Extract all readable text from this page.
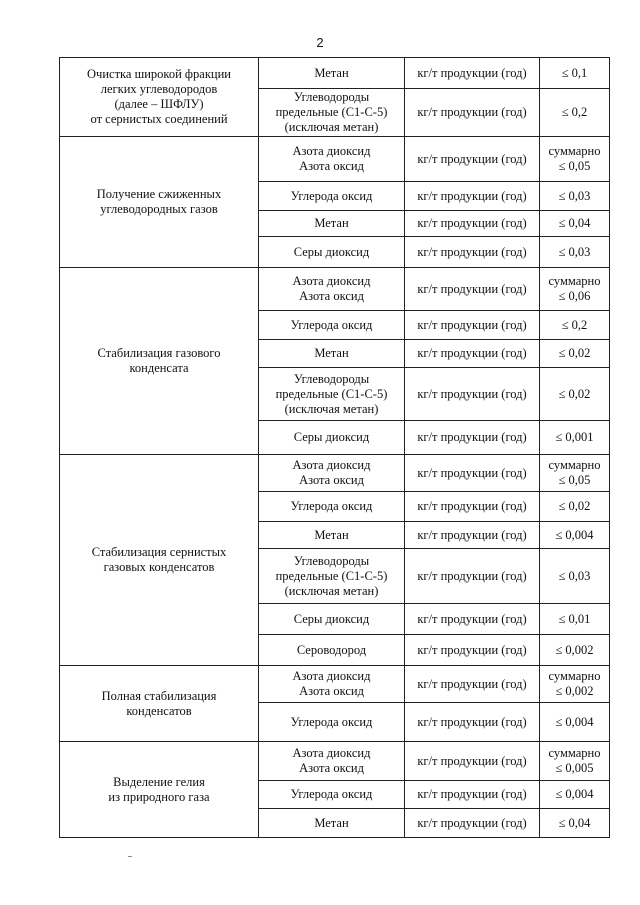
2
Очистка широкой фракции
легких углеводородов
(далее – ШФЛУ)
от сернистых соединений	Метан	кг/т продукции (год)	≤ 0,1
	Углеводороды
предельные (С1-С-5)
(исключая метан)	кг/т продукции (год)	≤ 0,2
Получение сжиженных
углеводородных газов	Азота диоксид
Азота оксид	кг/т продукции (год)	суммарно
≤ 0,05
	Углерода оксид	кг/т продукции (год)	≤ 0,03
	Метан	кг/т продукции (год)	≤ 0,04
	Серы диоксид	кг/т продукции (год)	≤ 0,03
Стабилизация газового
конденсата	Азота диоксид
Азота оксид	кг/т продукции (год)	суммарно
≤ 0,06
	Углерода оксид	кг/т продукции (год)	≤ 0,2
	Метан	кг/т продукции (год)	≤ 0,02
	Углеводороды
предельные (С1-С-5)
(исключая метан)	кг/т продукции (год)	≤ 0,02
	Серы диоксид	кг/т продукции (год)	≤ 0,001
Стабилизация сернистых
газовых конденсатов	Азота диоксид
Азота оксид	кг/т продукции (год)	суммарно
≤ 0,05
	Углерода оксид	кг/т продукции (год)	≤ 0,02
	Метан	кг/т продукции (год)	≤ 0,004
	Углеводороды
предельные (С1-С-5)
(исключая метан)	кг/т продукции (год)	≤ 0,03
	Серы диоксид	кг/т продукции (год)	≤ 0,01
	Сероводород	кг/т продукции (год)	≤ 0,002
Полная стабилизация
конденсатов	Азота диоксид
Азота оксид	кг/т продукции (год)	суммарно
≤ 0,002
	Углерода оксид	кг/т продукции (год)	≤ 0,004
Выделение гелия
из природного газа	Азота диоксид
Азота оксид	кг/т продукции (год)	суммарно
≤ 0,005
	Углерода оксид	кг/т продукции (год)	≤ 0,004
	Метан	кг/т продукции (год)	≤ 0,04
